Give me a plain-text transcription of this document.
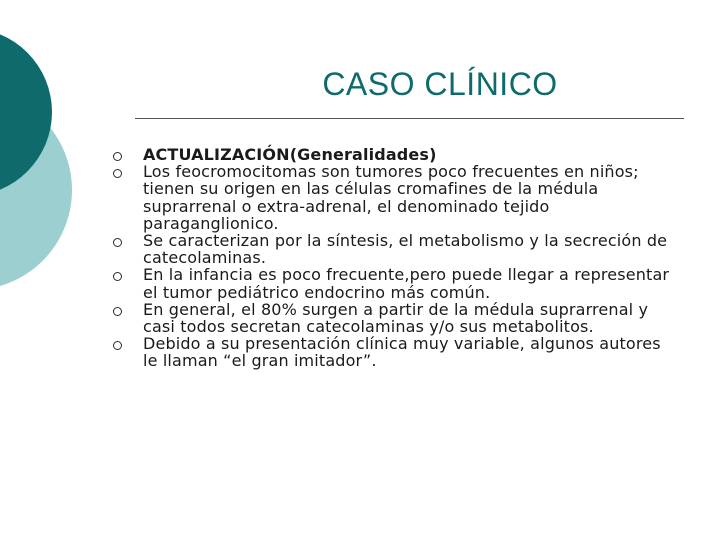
CASO CLÍNICO
ACTUALIZACIÓN(Generalidades)
Los feocromocitomas son tumores poco frecuentes en niños; tienen su origen en las células cromafines de la médula suprarrenal o extra-adrenal, el denominado tejido paraganglionico.
Se caracterizan por la síntesis, el metabolismo y la secreción de catecolaminas.
En la infancia es poco frecuente,pero puede llegar a representar el tumor pediátrico endocrino más común.
En general, el 80% surgen a partir de la médula suprarrenal y casi todos secretan catecolaminas y/o sus metabolitos.
Debido a su presentación clínica muy variable, algunos autores le llaman “el gran imitador”.
